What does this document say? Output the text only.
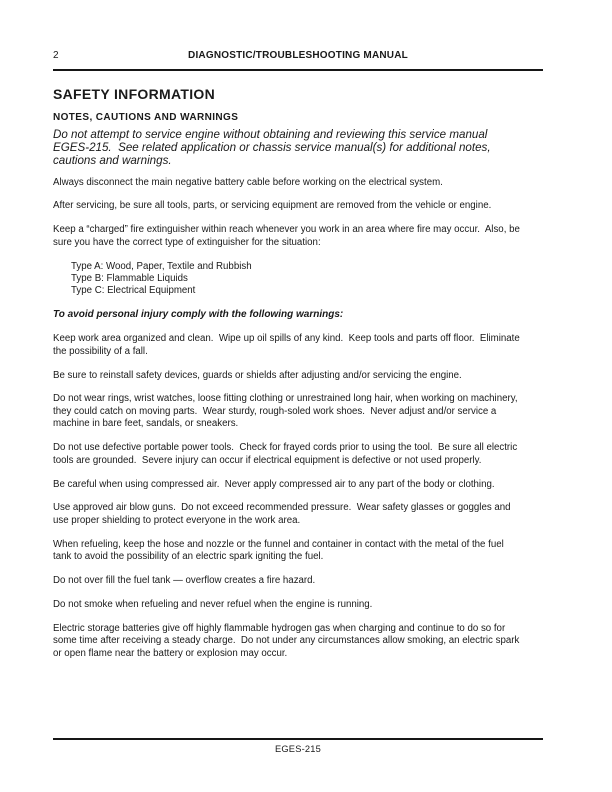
2	DIAGNOSTIC/TROUBLESHOOTING MANUAL
SAFETY INFORMATION
NOTES, CAUTIONS AND WARNINGS

Do not attempt to service engine without obtaining and reviewing this service manual EGES-215.  See related application or chassis service manual(s) for additional notes, cautions and warnings.

Always disconnect the main negative battery cable before working on the electrical system.

After servicing, be sure all tools, parts, or servicing equipment are removed from the vehicle or engine.

Keep a “charged” fire extinguisher within reach whenever you work in an area where fire may occur.  Also, be sure you have the correct type of extinguisher for the situation:

Type A: Wood, Paper, Textile and Rubbish
Type B: Flammable Liquids
Type C: Electrical Equipment

To avoid personal injury comply with the following warnings:

Keep work area organized and clean.  Wipe up oil spills of any kind.  Keep tools and parts off floor.  Eliminate the possibility of a fall.

Be sure to reinstall safety devices, guards or shields after adjusting and/or servicing the engine.

Do not wear rings, wrist watches, loose fitting clothing or unrestrained long hair, when working on machinery, they could catch on moving parts.  Wear sturdy, rough-soled work shoes.  Never adjust and/or service a machine in bare feet, sandals, or sneakers.

Do not use defective portable power tools.  Check for frayed cords prior to using the tool.  Be sure all electric tools are grounded.  Severe injury can occur if electrical equipment is defective or not used properly.

Be careful when using compressed air.  Never apply compressed air to any part of the body or clothing.

Use approved air blow guns.  Do not exceed recommended pressure.  Wear safety glasses or goggles and use proper shielding to protect everyone in the work area.

When refueling, keep the hose and nozzle or the funnel and container in contact with the metal of the fuel tank to avoid the possibility of an electric spark igniting the fuel.

Do not over fill the fuel tank — overflow creates a fire hazard.

Do not smoke when refueling and never refuel when the engine is running.

Electric storage batteries give off highly flammable hydrogen gas when charging and continue to do so for some time after receiving a steady charge.  Do not under any circumstances allow smoking, an electric spark or open flame near the battery or explosion may occur.

EGES-215
